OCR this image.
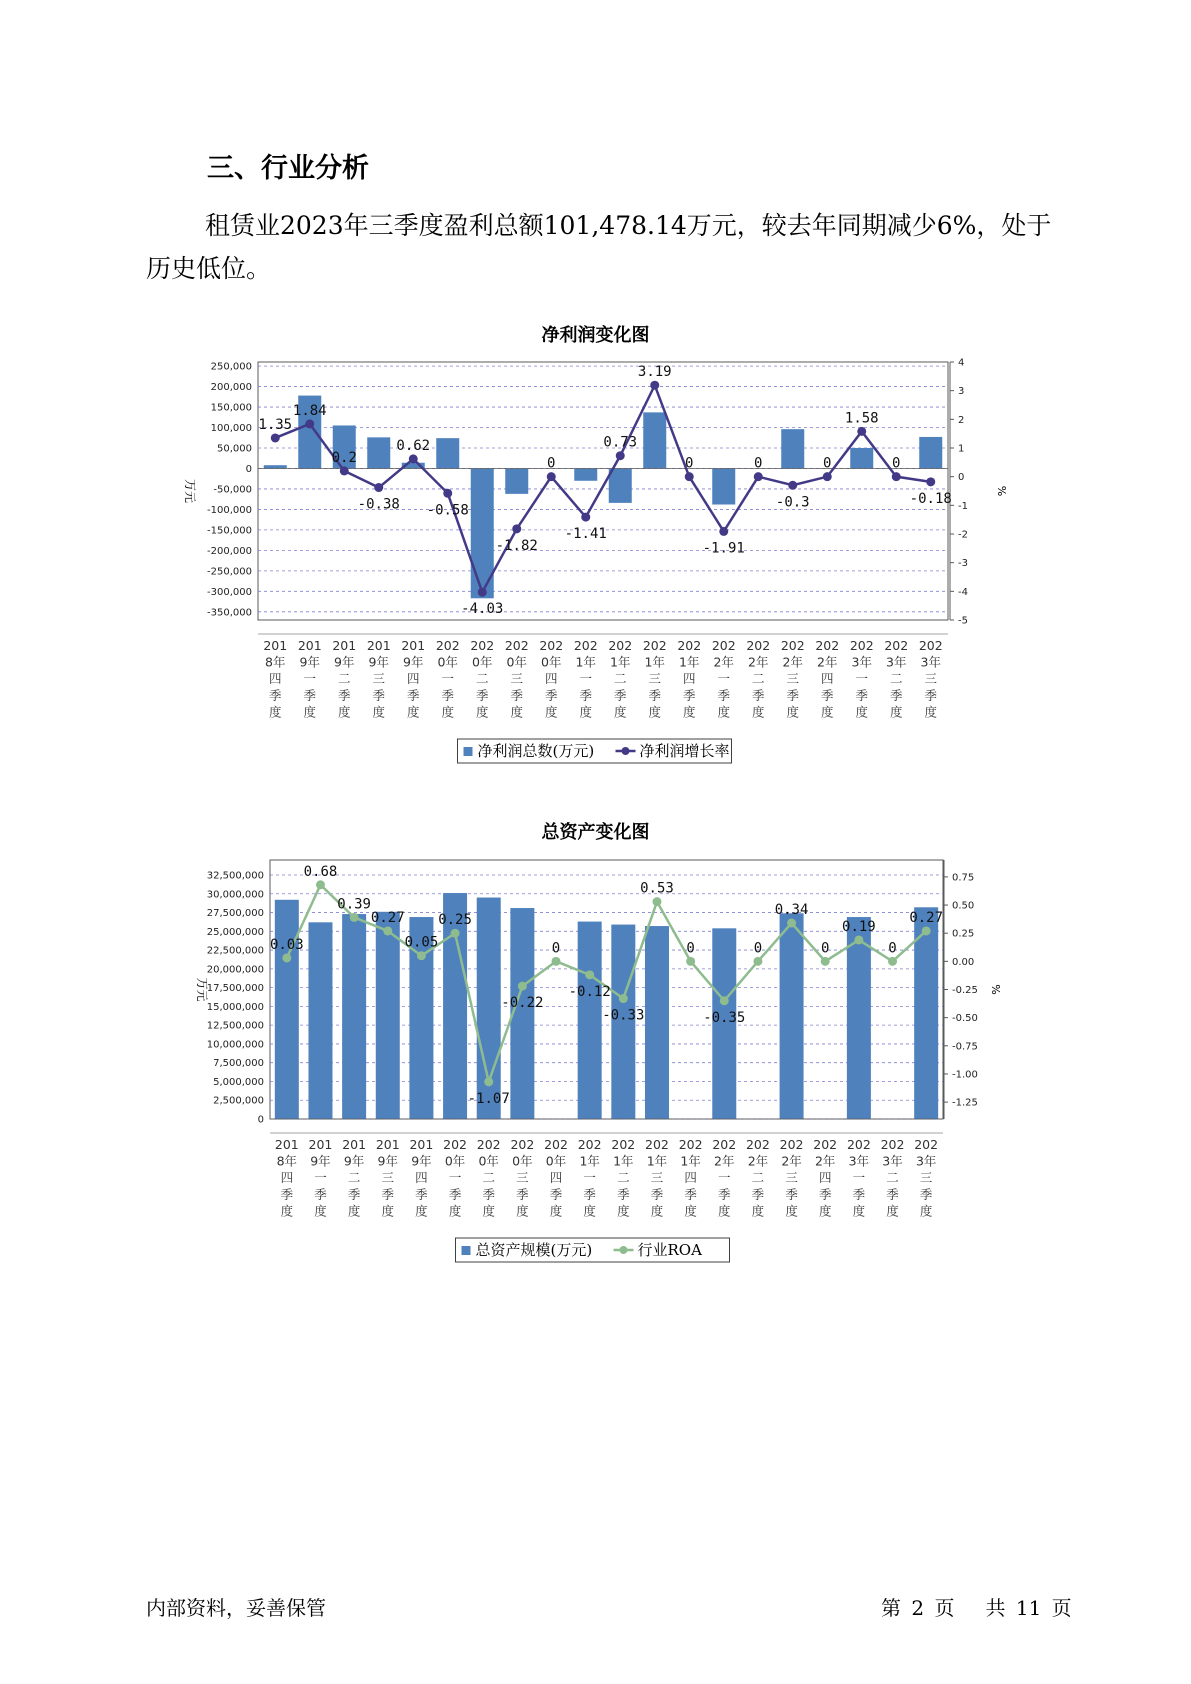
三、行业分析

租赁业2023年三季度盈利总额101,478.14万元，较去年同期减少6%，处于历史低位。

净利润变化图
250,000
200,000
150,000
100,000
50,000
0
-50,000
-100,000
-150,000
-200,000
-250,000
-300,000
-350,000
4
3
2
1
0
-1
-2
-3
-4
-5
万元	%
1.35
1.84
0.2
-0.38
0.62
-0.58
-4.03
-1.82
0
-1.41
0.73
3.19
0
-1.91
0
-0.3
0
1.58
0
-0.18
201 8年四季度
201 9年一季度
201 9年二季度
201 9年三季度
201 9年四季度
202 0年一季度
202 0年二季度
202 0年三季度
202 0年四季度
202 1年一季度
202 1年二季度
202 1年三季度
202 1年四季度
202 2年一季度
202 2年二季度
202 2年三季度
202 2年四季度
202 3年一季度
202 3年二季度
202 3年三季度
净利润总数(万元)	净利润增长率
总资产变化图
32,500,000
30,000,000
27,500,000
25,000,000
22,500,000
20,000,000
17,500,000
15,000,000
12,500,000
10,000,000
7,500,000
5,000,000
2,500,000
0
0.75
0.50
0.25
0.00
-0.25
-0.50
-0.75
-1.00
-1.25
万元	%
0.03
0.68
0.39
0.27
0.05
0.25
-1.07
-0.22
0
-0.12
-0.33
0.53
0
-0.35
0
0.34
0
0.19
0
0.27
201 8年四季度
201 9年一季度
201 9年二季度
201 9年三季度
201 9年四季度
202 0年一季度
202 0年二季度
202 0年三季度
202 0年四季度
202 1年一季度
202 1年二季度
202 1年三季度
202 1年四季度
202 2年一季度
202 2年二季度
202 2年三季度
202 2年四季度
202 3年一季度
202 3年二季度
202 3年三季度
总资产规模(万元)	行业ROA
内部资料，妥善保管	第 2 页   共 11 页
